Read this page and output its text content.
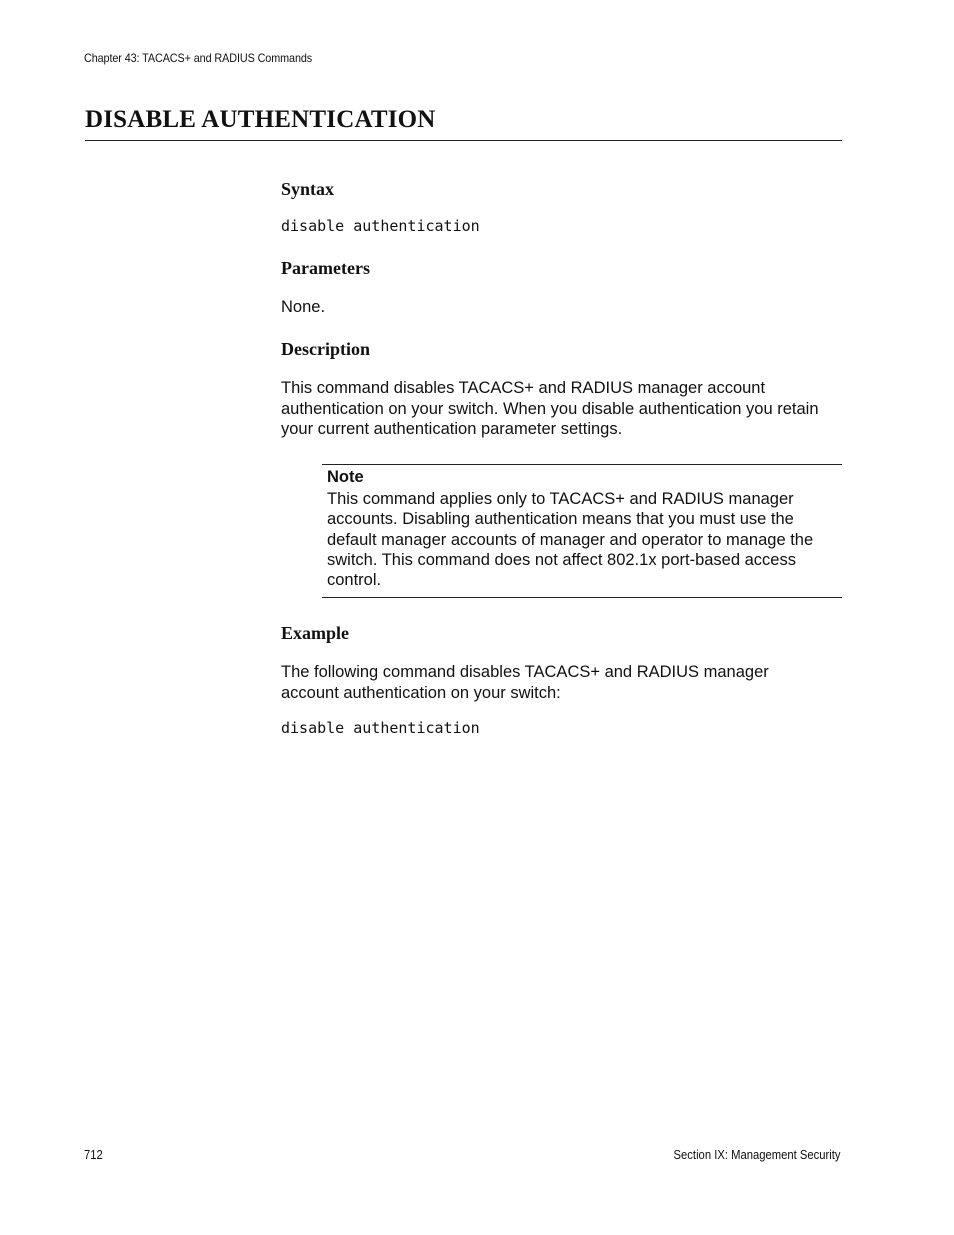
Chapter 43: TACACS+ and RADIUS Commands
DISABLE AUTHENTICATION
Syntax
disable authentication
Parameters

None.

Description

This command disables TACACS+ and RADIUS manager account authentication on your switch. When you disable authentication you retain your current authentication parameter settings.

Example

The following command disables TACACS+ and RADIUS manager account authentication on your switch:

disable authentication
Note

This command applies only to TACACS+ and RADIUS manager accounts. Disabling authentication means that you must use the default manager accounts of manager and operator to manage the switch. This command does not affect 802.1x port-based access control.

712	Section IX: Management Security
